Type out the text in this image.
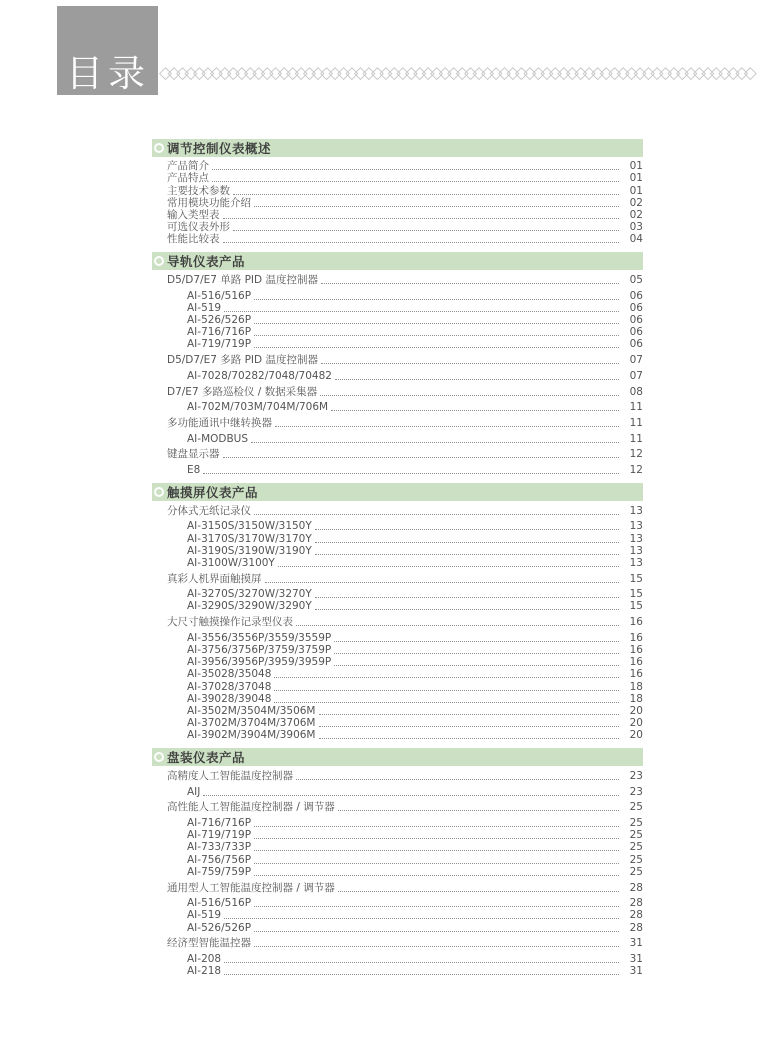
目录 ◇◇◇◇◇◇◇◇◇◇◇◇◇◇◇◇◇◇◇◇◇◇◇◇◇◇◇◇◇◇◇◇◇◇◇◇◇◇◇◇◇◇◇◇◇◇◇◇◇◇◇◇◇◇◇◇◇◇◇◇◇◇◇◇◇◇◇◇◇◇
调节控制仪表概述
产品简介	01
产品特点	01
主要技术参数	01
常用模块功能介绍	02
输入类型表	02
可选仪表外形	03
性能比较表	04
导轨仪表产品
D5/D7/E7 单路 PID 温度控制器	05
AI-516/516P	06
AI-519	06
AI-526/526P	06
AI-716/716P	06
AI-719/719P	06
D5/D7/E7 多路 PID 温度控制器	07
AI-7028/70282/7048/70482	07
D7/E7 多路巡检仪 / 数据采集器	08
AI-702M/703M/704M/706M	11
多功能通讯中继转换器	11
AI-MODBUS	11
键盘显示器	12
E8	12
触摸屏仪表产品
分体式无纸记录仪	13
AI-3150S/3150W/3150Y	13
AI-3170S/3170W/3170Y	13
AI-3190S/3190W/3190Y	13
AI-3100W/3100Y	13
真彩人机界面触摸屏	15
AI-3270S/3270W/3270Y	15
AI-3290S/3290W/3290Y	15
大尺寸触摸操作记录型仪表	16
AI-3556/3556P/3559/3559P	16
AI-3756/3756P/3759/3759P	16
AI-3956/3956P/3959/3959P	16
AI-35028/35048	16
AI-37028/37048	18
AI-39028/39048	18
AI-3502M/3504M/3506M	20
AI-3702M/3704M/3706M	20
AI-3902M/3904M/3906M	20
盘装仪表产品
高精度人工智能温度控制器	23
AIJ	23
高性能人工智能温度控制器 / 调节器	25
AI-716/716P	25
AI-719/719P	25
AI-733/733P	25
AI-756/756P	25
AI-759/759P	25
通用型人工智能温度控制器 / 调节器	28
AI-516/516P	28
AI-519	28
AI-526/526P	28
经济型智能温控器	31
AI-208	31
AI-218	31
